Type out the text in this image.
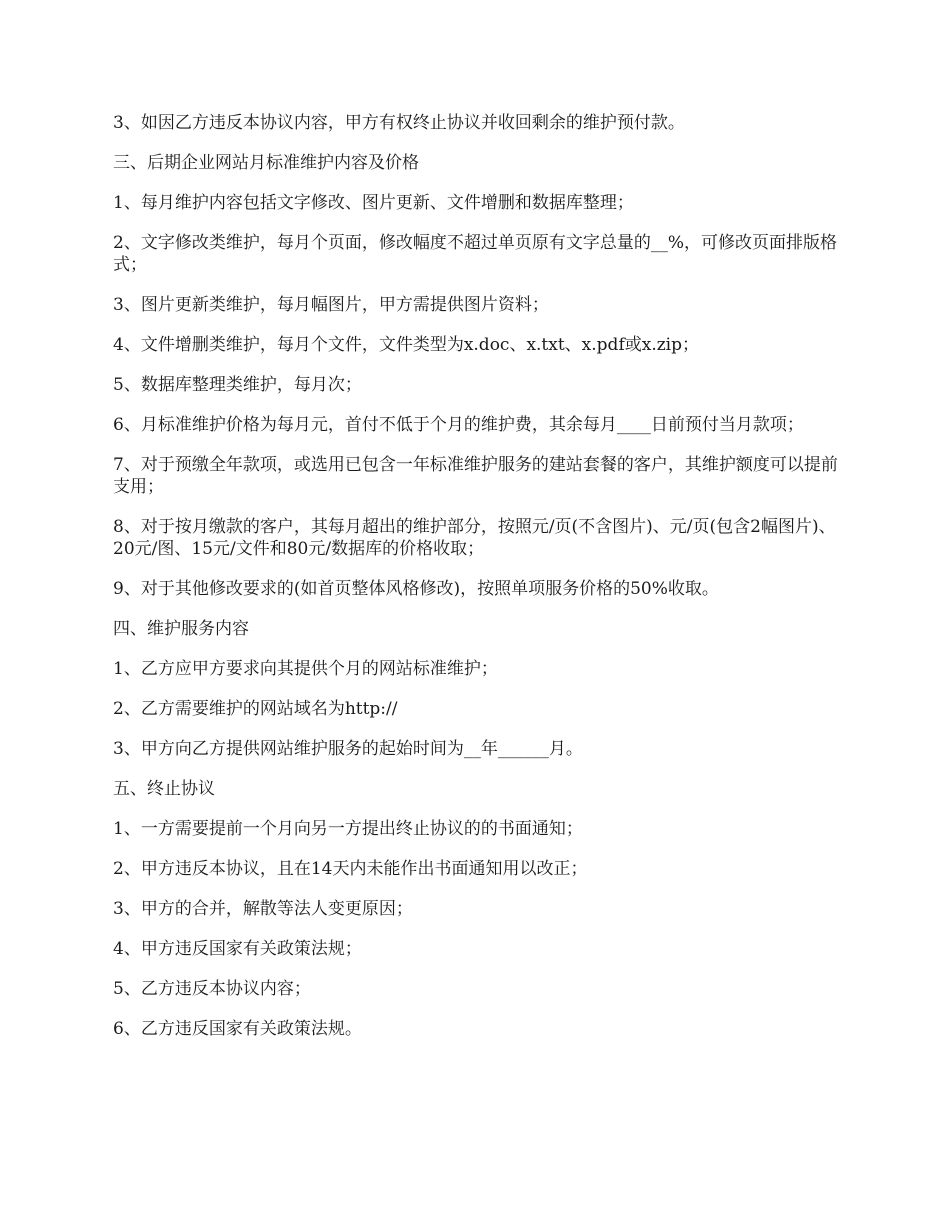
3、如因乙方违反本协议内容，甲方有权终止协议并收回剩余的维护预付款。

三、后期企业网站月标准维护内容及价格

1、每月维护内容包括文字修改、图片更新、文件增删和数据库整理；

2、文字修改类维护，每月个页面，修改幅度不超过单页原有文字总量的__%，可修改页面排版格式；

3、图片更新类维护，每月幅图片，甲方需提供图片资料；

4、文件增删类维护，每月个文件，文件类型为x.doc、x.txt、x.pdf或x.zip；

5、数据库整理类维护，每月次；

6、月标准维护价格为每月元，首付不低于个月的维护费，其余每月____日前预付当月款项；

7、对于预缴全年款项，或选用已包含一年标准维护服务的建站套餐的客户，其维护额度可以提前支用；

8、对于按月缴款的客户，其每月超出的维护部分，按照元/页(不含图片)、元/页(包含2幅图片)、20元/图、15元/文件和80元/数据库的价格收取；

9、对于其他修改要求的(如首页整体风格修改)，按照单项服务价格的50%收取。

四、维护服务内容

1、乙方应甲方要求向其提供个月的网站标准维护；

2、乙方需要维护的网站域名为http://

3、甲方向乙方提供网站维护服务的起始时间为__年______月。

五、终止协议

1、一方需要提前一个月向另一方提出终止协议的的书面通知；

2、甲方违反本协议，且在14天内未能作出书面通知用以改正；

3、甲方的合并，解散等法人变更原因；

4、甲方违反国家有关政策法规；

5、乙方违反本协议内容；

6、乙方违反国家有关政策法规。
